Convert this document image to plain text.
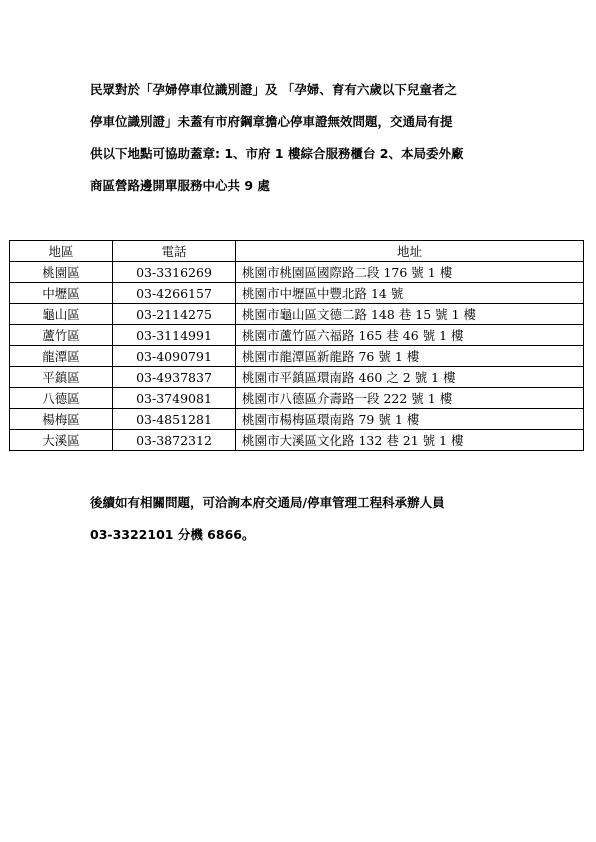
民眾對於「孕婦停車位識別證」及 「孕婦、育有六歲以下兒童者之
停車位識別證」未蓋有市府鋼章擔心停車證無效問題，交通局有提
供以下地點可協助蓋章: 1、市府 1 樓綜合服務櫃台 2、本局委外廠
商區營路邊開單服務中心共 9 處
地區	電話	地址
桃園區	03-3316269	桃園市桃園區國際路二段 176 號 1 樓
中壢區	03-4266157	桃園市中壢區中豐北路 14 號
龜山區	03-2114275	桃園市龜山區文德二路 148 巷 15 號 1 樓
蘆竹區	03-3114991	桃園市蘆竹區六福路 165 巷 46 號 1 樓
龍潭區	03-4090791	桃園市龍潭區新龍路 76 號 1 樓
平鎮區	03-4937837	桃園市平鎮區環南路 460 之 2 號 1 樓
八德區	03-3749081	桃園市八德區介壽路一段 222 號 1 樓
楊梅區	03-4851281	桃園市楊梅區環南路 79 號 1 樓
大溪區	03-3872312	桃園市大溪區文化路 132 巷 21 號 1 樓
後續如有相關問題，可洽詢本府交通局/停車管理工程科承辦人員
03-3322101 分機 6866。
